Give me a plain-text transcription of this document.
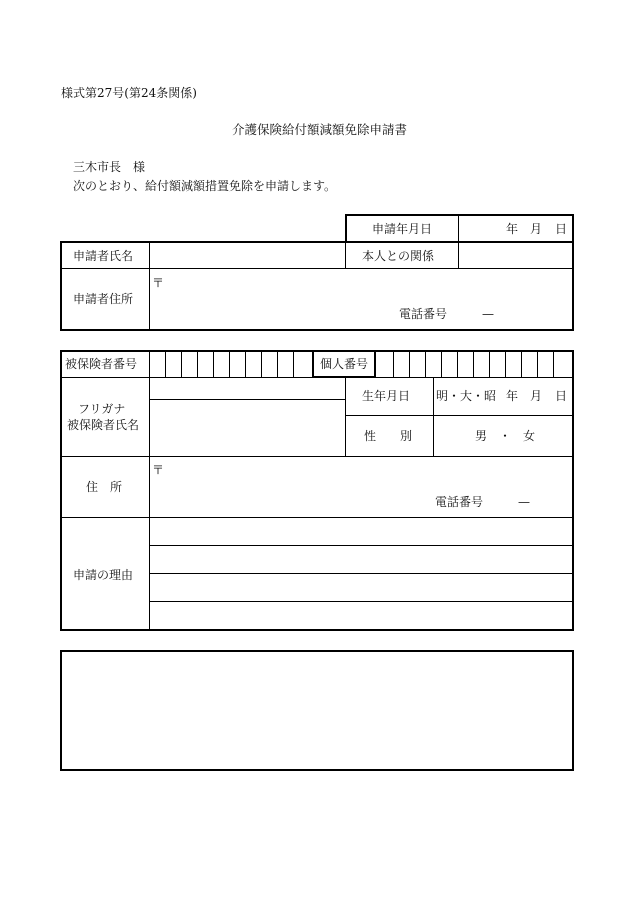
様式第27号(第24条関係)
介護保険給付額減額免除申請書
三木市長　様
次のとおり、給付額減額措置免除を申請します。
申請年月日	年 月 日
申請者氏名	本人との関係
申請者住所
〒
電話番号	—
被保険者番号	個人番号
フリガナ
被保険者氏名
生年月日 明・大・昭 年 月 日
性　　別	男　・　女
住　所
〒
電話番号	—
申請の理由
